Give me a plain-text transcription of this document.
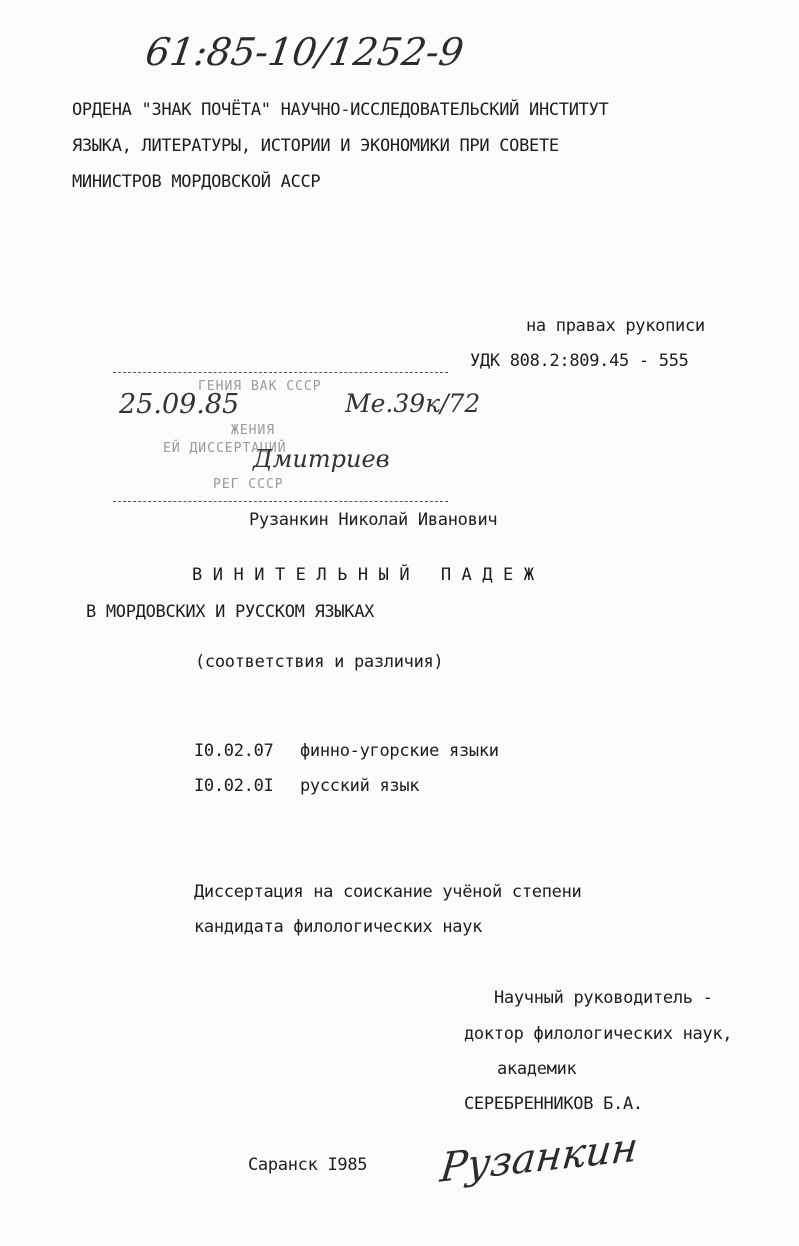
61:85-10/1252-9
ОРДЕНА "ЗНАК ПОЧЁТА" НАУЧНО-ИССЛЕДОВАТЕЛЬСКИЙ ИНСТИТУТ
ЯЗЫКА, ЛИТЕРАТУРЫ, ИСТОРИИ И ЭКОНОМИКИ ПРИ СОВЕТЕ
МИНИСТРОВ МОРДОВСКОЙ АССР
на правах рукописи
УДК 808.2:809.45 - 555
ГЕНИЯ ВАК СССР
25.09.85	Ме.39к/72
ЖЕНИЯ
ЕЙ ДИССЕРТАЦИЙ
Дмитриев
РЕГ СССР
Рузанкин Николай Иванович
ВИНИТЕЛЬНЫЙ ПАДЕЖ
В МОРДОВСКИХ И РУССКОМ ЯЗЫКАХ
(соответствия и различия)
I0.02.07 финно-угорские языки
I0.02.0I русский язык
Диссертация на соискание учёной степени
кандидата филологических наук
Научный руководитель -
доктор филологических наук,
академик
СЕРЕБРЕННИКОВ Б.А.
Саранск I985 Рузанкин
